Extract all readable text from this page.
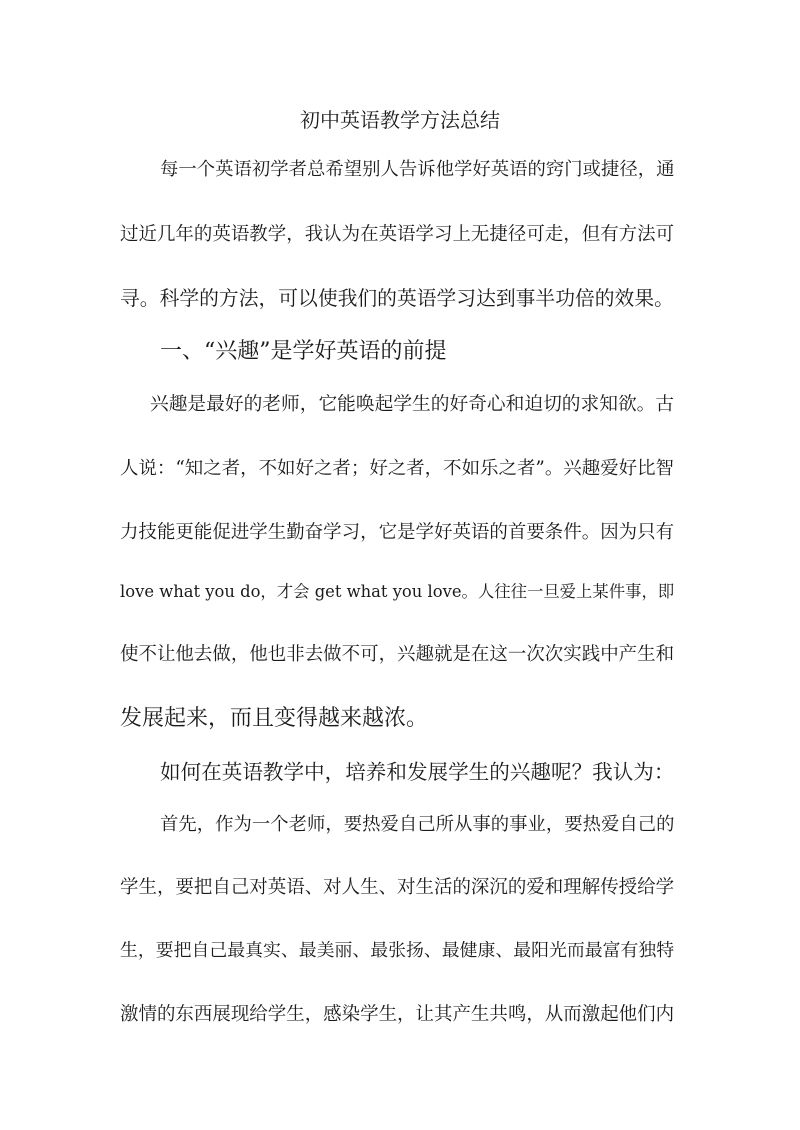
初中英语教学方法总结
每一个英语初学者总希望别人告诉他学好英语的窍门或捷径，通
过近几年的英语教学，我认为在英语学习上无捷径可走，但有方法可
寻。科学的方法，可以使我们的英语学习达到事半功倍的效果。
一、“兴趣”是学好英语的前提
兴趣是最好的老师，它能唤起学生的好奇心和迫切的求知欲。古
人说：“知之者，不如好之者；好之者，不如乐之者”。兴趣爱好比智
力技能更能促进学生勤奋学习，它是学好英语的首要条件。因为只有
love what you do，才会 get what you love。人往往一旦爱上某件事，即
使不让他去做，他也非去做不可，兴趣就是在这一次次实践中产生和
发展起来，而且变得越来越浓。
如何在英语教学中，培养和发展学生的兴趣呢？我认为：
首先，作为一个老师，要热爱自己所从事的事业，要热爱自己的
学生，要把自己对英语、对人生、对生活的深沉的爱和理解传授给学
生，要把自己最真实、最美丽、最张扬、最健康、最阳光而最富有独特
激情的东西展现给学生，感染学生，让其产生共鸣，从而激起他们内
